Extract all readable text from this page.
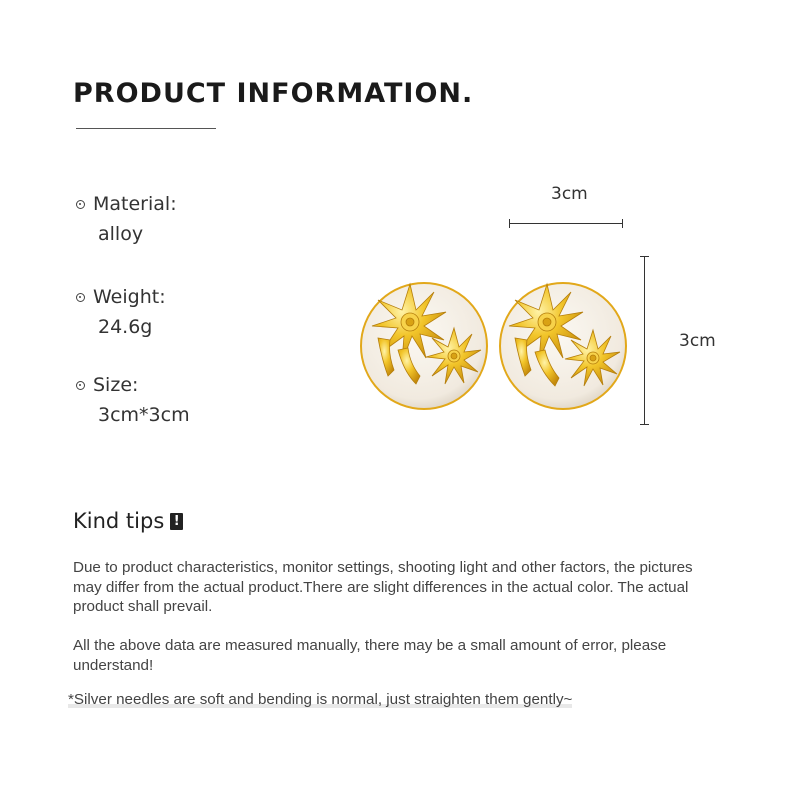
PRODUCT INFORMATION.
Material:
alloy
Weight:
24.6g
Size:
3cm*3cm
3cm
3cm
Kind tips !

Due to product characteristics, monitor settings, shooting light and other factors, the pictures may differ from the actual product.There are slight differences in the actual color. The actual product shall prevail.

All the above data are measured manually, there may be a small amount of error, please understand!

*Silver needles are soft and bending is normal, just straighten them gently~
